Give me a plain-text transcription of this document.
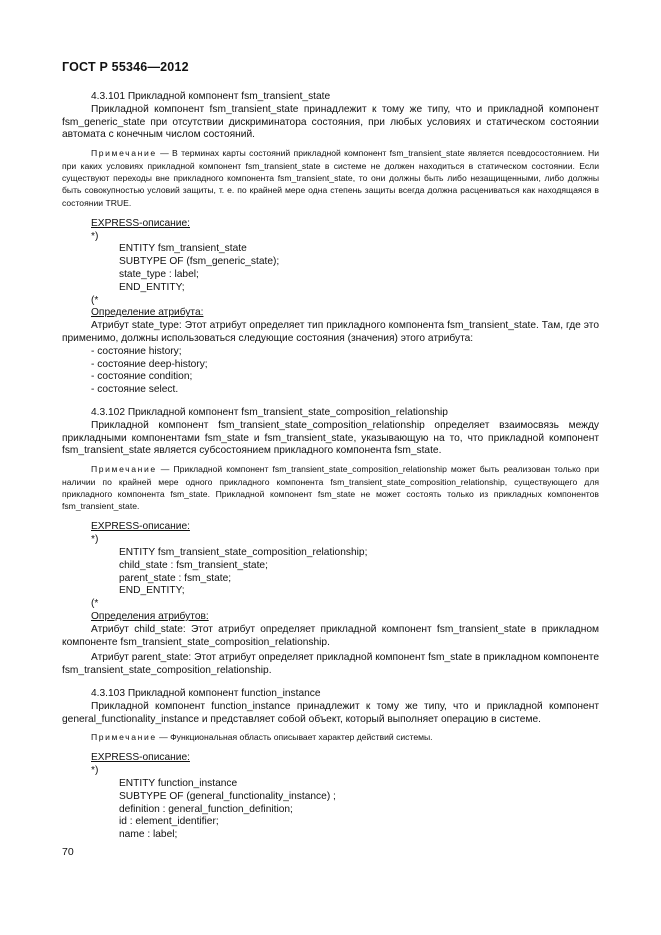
ГОСТ Р 55346—2012

4.3.101 Прикладной компонент fsm_transient_state

Прикладной компонент fsm_transient_state принадлежит к тому же типу, что и прикладной компонент fsm_generic_state при отсутствии дискриминатора состояния, при любых условиях и статическом состоянии автомата с конечным числом состояний.

Примечание — В терминах карты состояний прикладной компонент fsm_transient_state является псевдосостоянием. Ни при каких условиях прикладной компонент fsm_transient_state в системе не должен находиться в статическом состоянии. Если существуют переходы вне прикладного компонента fsm_transient_state, то они должны быть либо незащищенными, либо должны быть совокупностью условий защиты, т. е. по крайней мере одна степень защиты всегда должна расцениваться как находящаяся в состоянии TRUE.

EXPRESS-описание:
*)
ENTITY fsm_transient_state
SUBTYPE OF (fsm_generic_state);
state_type : label;
END_ENTITY;
(*
Определение атрибута:

Атрибут state_type: Этот атрибут определяет тип прикладного компонента fsm_transient_state. Там, где это применимо, должны использоваться следующие состояния (значения) этого атрибута:

- состояние history;
- состояние deep-history;
- состояние condition;
- состояние select.

4.3.102 Прикладной компонент fsm_transient_state_composition_relationship

Прикладной компонент fsm_transient_state_composition_relationship определяет взаимосвязь между прикладными компонентами fsm_state и fsm_transient_state, указывающую на то, что прикладной компонент fsm_transient_state является субсостоянием прикладного компонента fsm_state.

Примечание — Прикладной компонент fsm_transient_state_composition_relationship может быть реализован только при наличии по крайней мере одного прикладного компонента fsm_transient_state_composition_relationship, существующего для прикладного компонента fsm_state. Прикладной компонент fsm_state не может состоять только из прикладных компонентов fsm_transient_state.

EXPRESS-описание:
*)
ENTITY fsm_transient_state_composition_relationship;
child_state : fsm_transient_state;
parent_state : fsm_state;
END_ENTITY;
(*
Определения атрибутов:

Атрибут child_state: Этот атрибут определяет прикладной компонент fsm_transient_state в прикладном компоненте fsm_transient_state_composition_relationship.

Атрибут parent_state: Этот атрибут определяет прикладной компонент fsm_state в прикладном компоненте fsm_transient_state_composition_relationship.

4.3.103 Прикладной компонент function_instance

Прикладной компонент function_instance принадлежит к тому же типу, что и прикладной компонент general_functionality_instance и представляет собой объект, который выполняет операцию в системе.

Примечание — Функциональная область описывает характер действий системы.

EXPRESS-описание:
*)
ENTITY function_instance
SUBTYPE OF (general_functionality_instance) ;
definition : general_function_definition;
id : element_identifier;
name : label;
70
